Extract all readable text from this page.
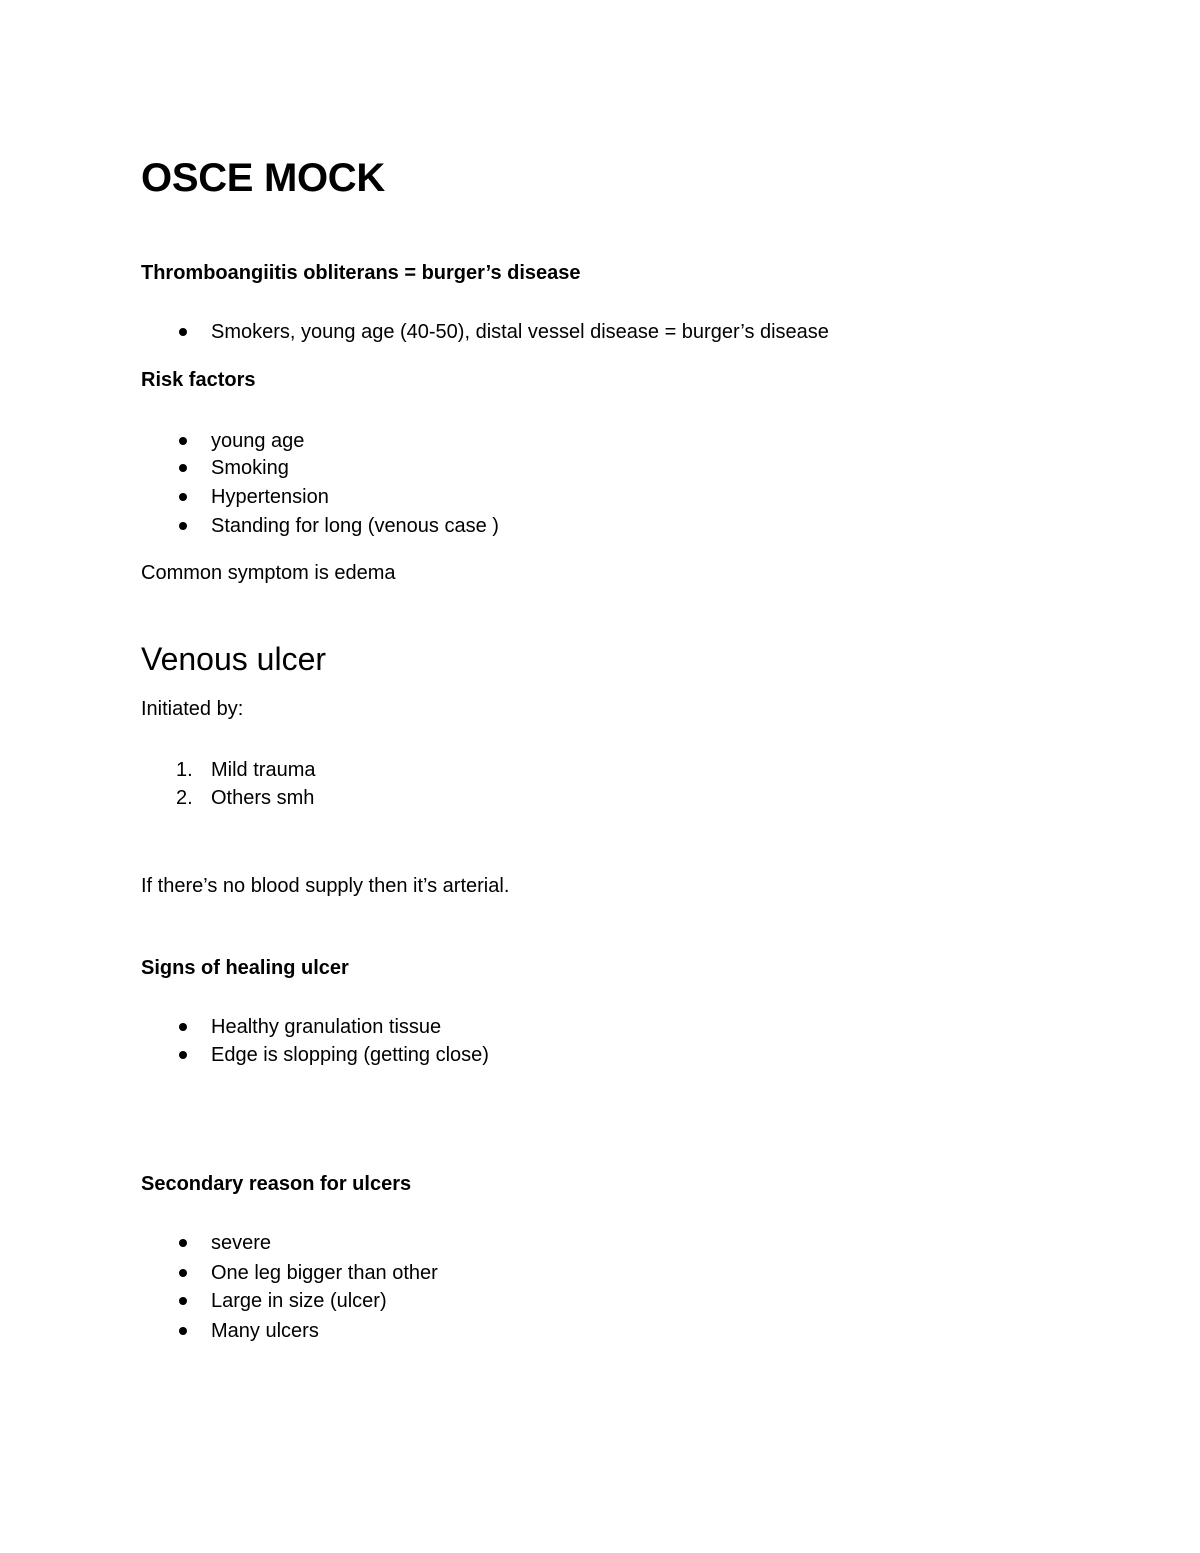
OSCE MOCK
Thromboangiitis obliterans = burger’s disease
Smokers, young age (40-50), distal vessel disease = burger’s disease
Risk factors
young age
Smoking
Hypertension
Standing for long (venous case )
Common symptom is edema
Venous ulcer
Initiated by:
1. Mild trauma
2. Others smh
If there’s no blood supply then it’s arterial.
Signs of healing ulcer
Healthy granulation tissue
Edge is slopping (getting close)
Secondary reason for ulcers
severe
One leg bigger than other
Large in size (ulcer)
Many ulcers
